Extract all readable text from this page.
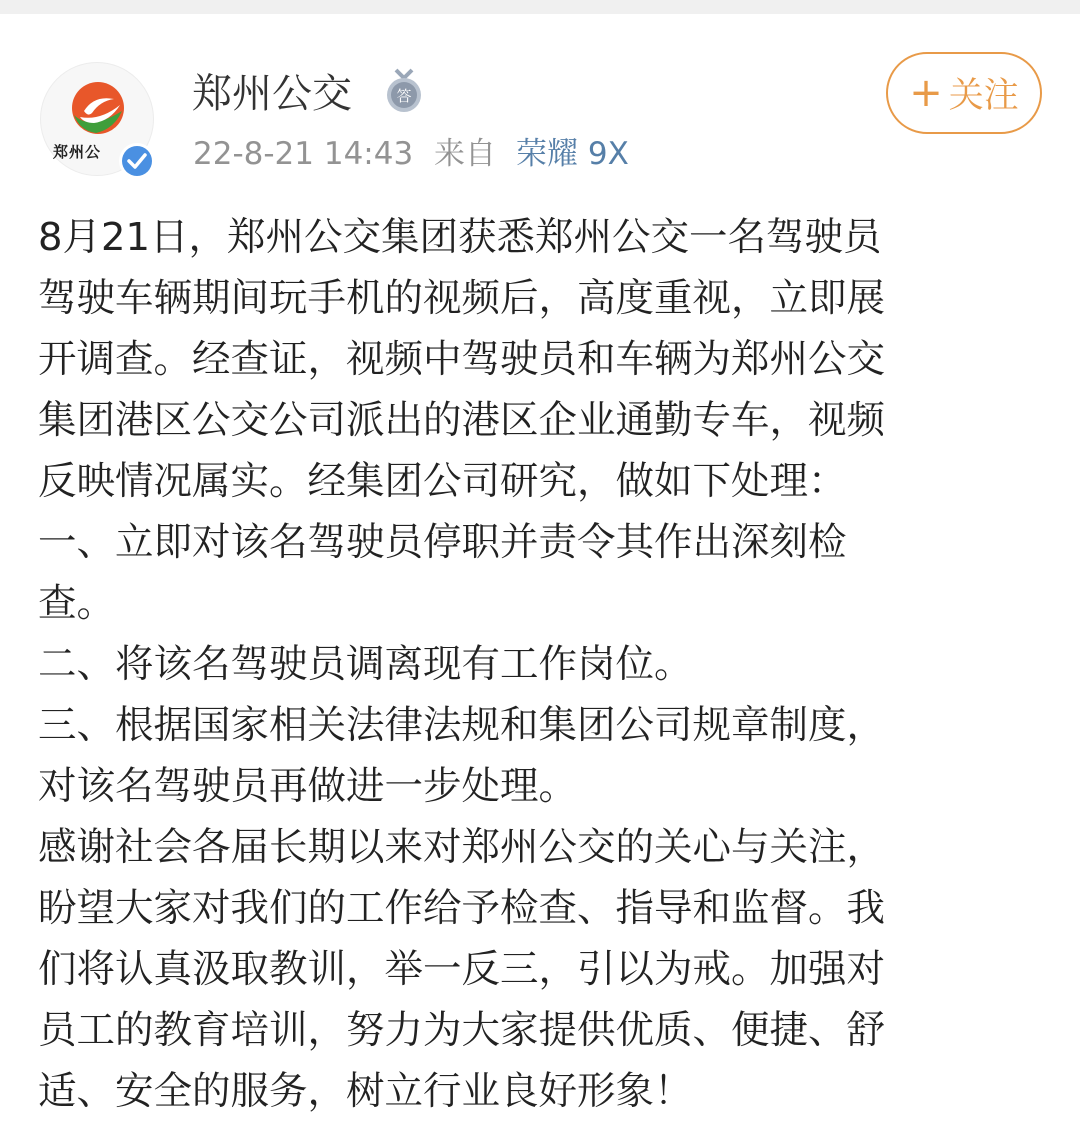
郑州公
郑州公交	答
22-8-21 14:43 来自 荣耀 9X
+ 关注
8月21日，郑州公交集团获悉郑州公交一名驾驶员
驾驶车辆期间玩手机的视频后，高度重视，立即展
开调查。经查证，视频中驾驶员和车辆为郑州公交
集团港区公交公司派出的港区企业通勤专车，视频
反映情况属实。经集团公司研究，做如下处理：
一、立即对该名驾驶员停职并责令其作出深刻检
查。
二、将该名驾驶员调离现有工作岗位。
三、根据国家相关法律法规和集团公司规章制度，
对该名驾驶员再做进一步处理。
感谢社会各届长期以来对郑州公交的关心与关注，
盼望大家对我们的工作给予检查、指导和监督。我
们将认真汲取教训，举一反三，引以为戒。加强对
员工的教育培训，努力为大家提供优质、便捷、舒
适、安全的服务，树立行业良好形象！
